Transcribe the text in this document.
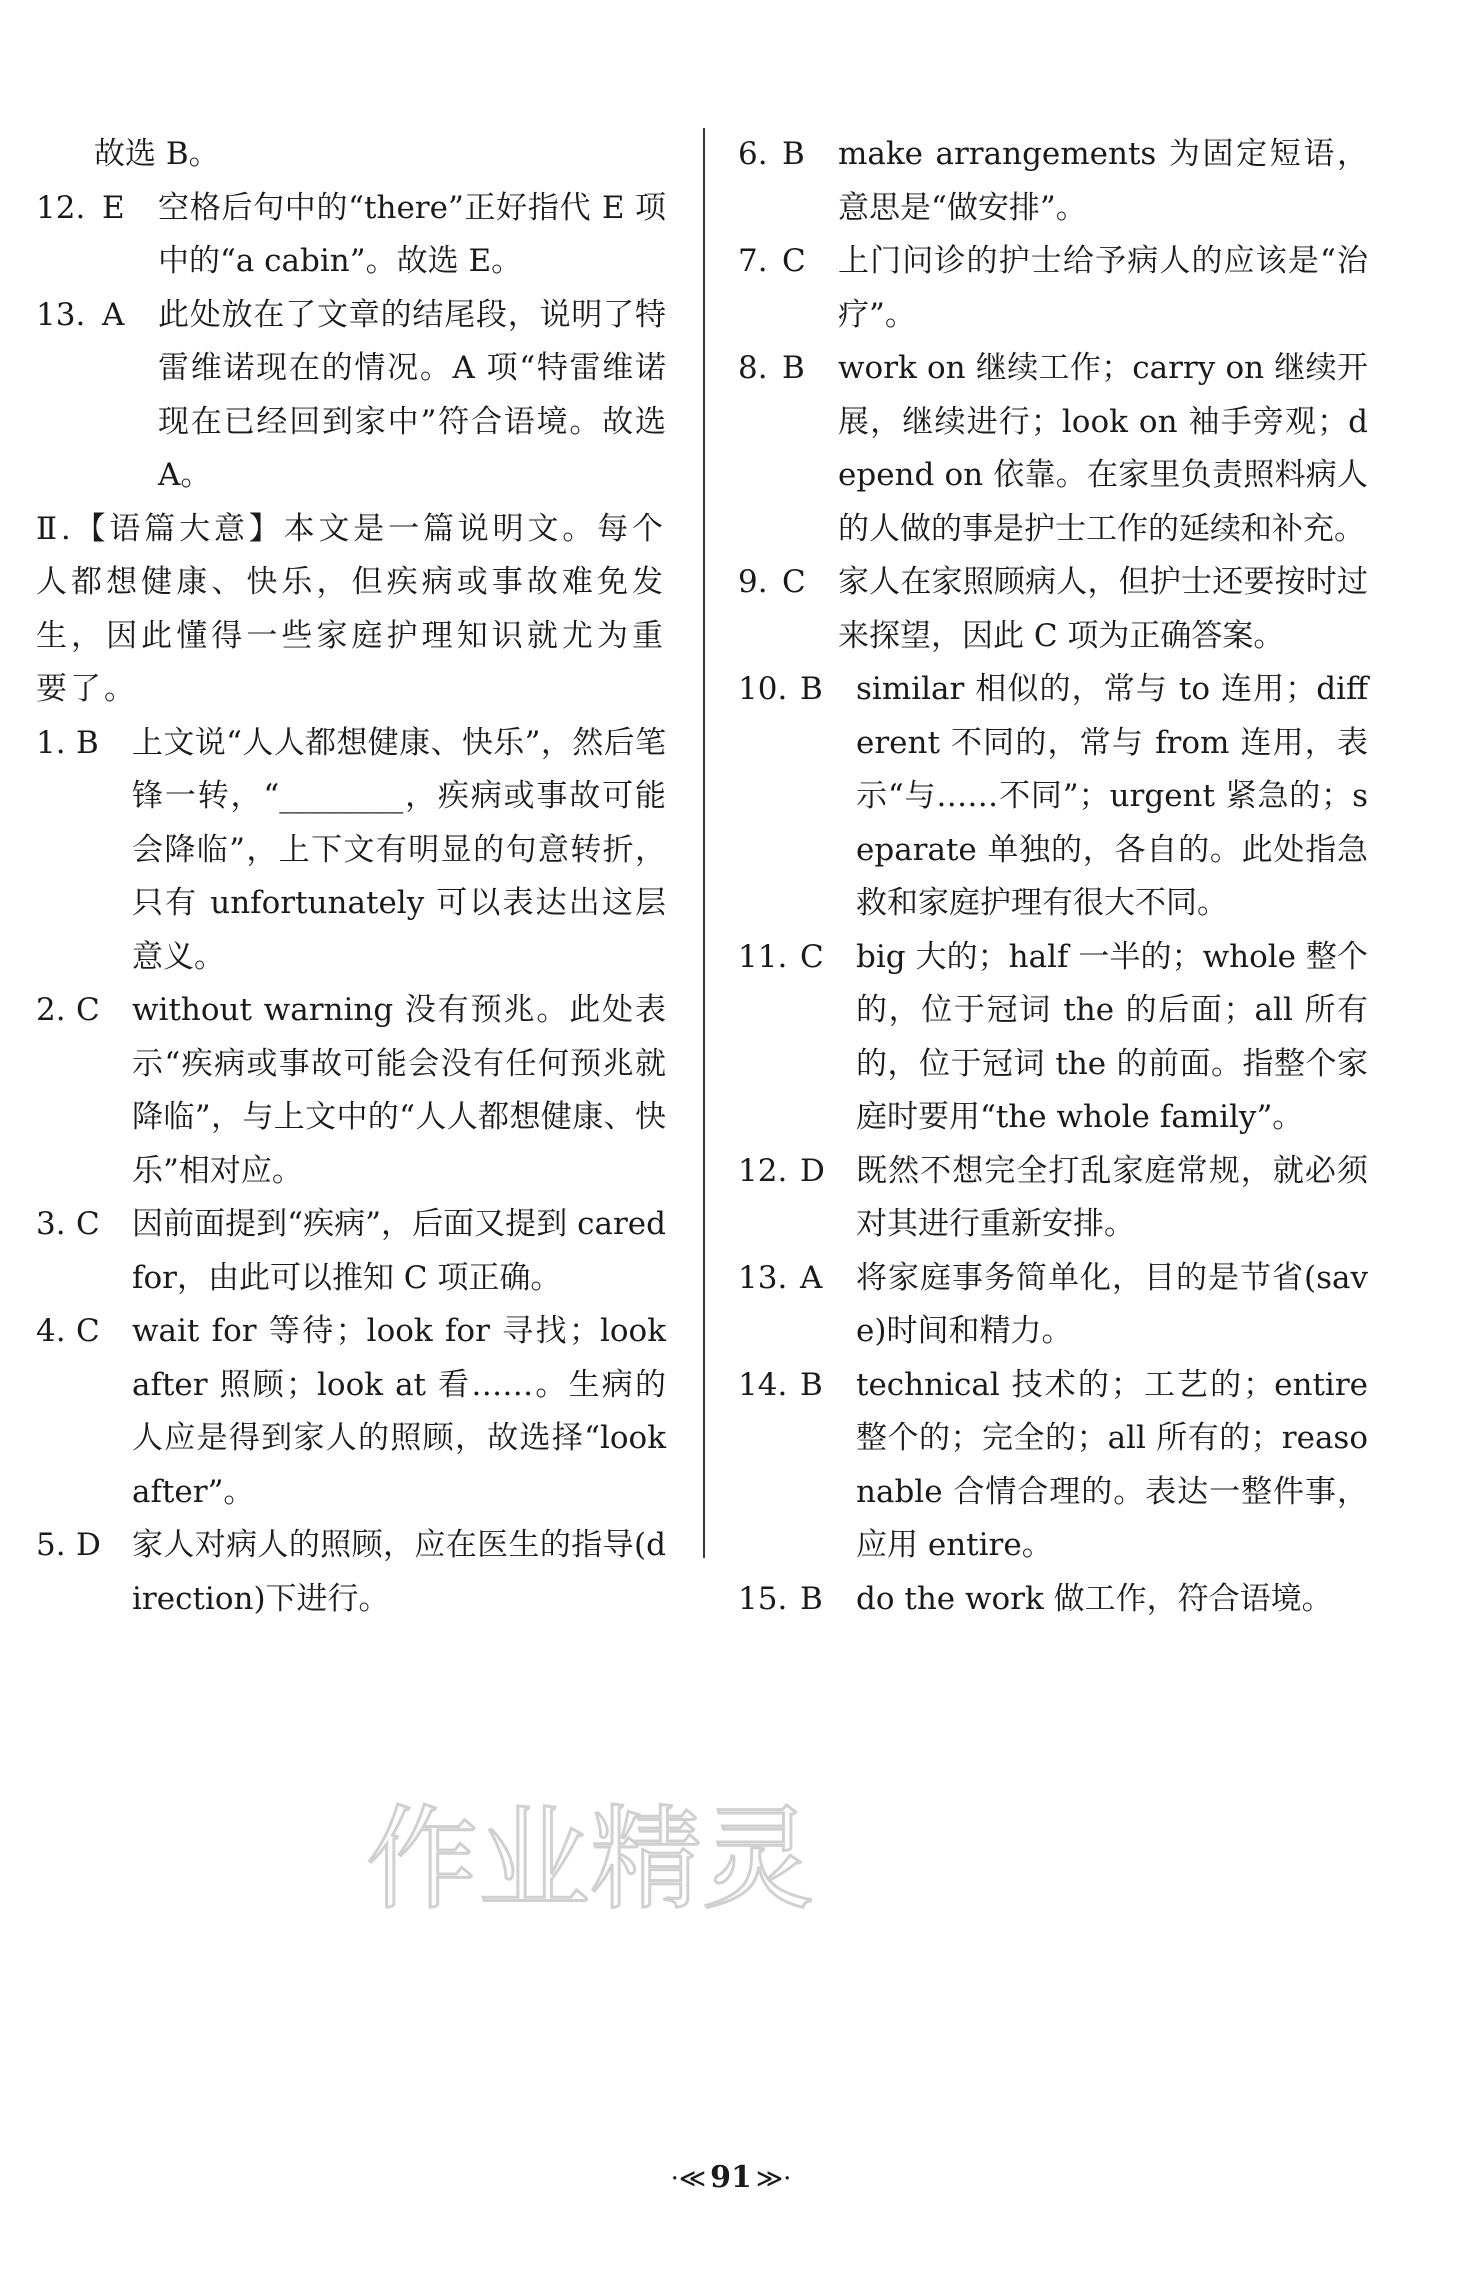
故选 B。
12. E	空格后句中的“there”正好指代 E 项中的“a cabin”。故选 E。
13. A	此处放在了文章的结尾段，说明了特雷维诺现在的情况。A 项“特雷维诺现在已经回到家中”符合语境。故选 A。
Ⅱ.【语篇大意】本文是一篇说明文。每个人都想健康、快乐，但疾病或事故难免发生，因此懂得一些家庭护理知识就尤为重要了。
1. B	上文说“人人都想健康、快乐”，然后笔锋一转，“________，疾病或事故可能会降临”，上下文有明显的句意转折，只有 unfortunately 可以表达出这层意义。
2. C	without warning 没有预兆。此处表示“疾病或事故可能会没有任何预兆就降临”，与上文中的“人人都想健康、快乐”相对应。
3. C	因前面提到“疾病”，后面又提到 cared for，由此可以推知 C 项正确。
4. C	wait for 等待；look for 寻找；look after 照顾；look at 看……。生病的人应是得到家人的照顾，故选择“look after”。
5. D	家人对病人的照顾，应在医生的指导(direction)下进行。
6. B	make arrangements 为固定短语，意思是“做安排”。
7. C	上门问诊的护士给予病人的应该是“治疗”。
8. B	work on 继续工作；carry on 继续开展，继续进行；look on 袖手旁观；depend on 依靠。在家里负责照料病人的人做的事是护士工作的延续和补充。
9. C	家人在家照顾病人，但护士还要按时过来探望，因此 C 项为正确答案。
10. B	similar 相似的，常与 to 连用；different 不同的，常与 from 连用，表示“与……不同”；urgent 紧急的；separate 单独的，各自的。此处指急救和家庭护理有很大不同。
11. C	big 大的；half 一半的；whole 整个的，位于冠词 the 的后面；all 所有的，位于冠词 the 的前面。指整个家庭时要用“the whole family”。
12. D	既然不想完全打乱家庭常规，就必须对其进行重新安排。
13. A	将家庭事务简单化，目的是节省(save)时间和精力。
14. B	technical 技术的；工艺的；entire 整个的；完全的；all 所有的；reasonable 合情合理的。表达一整件事，应用 entire。
15. B	do the work 做工作，符合语境。
作业精灵
·≪ 91 ≫·
